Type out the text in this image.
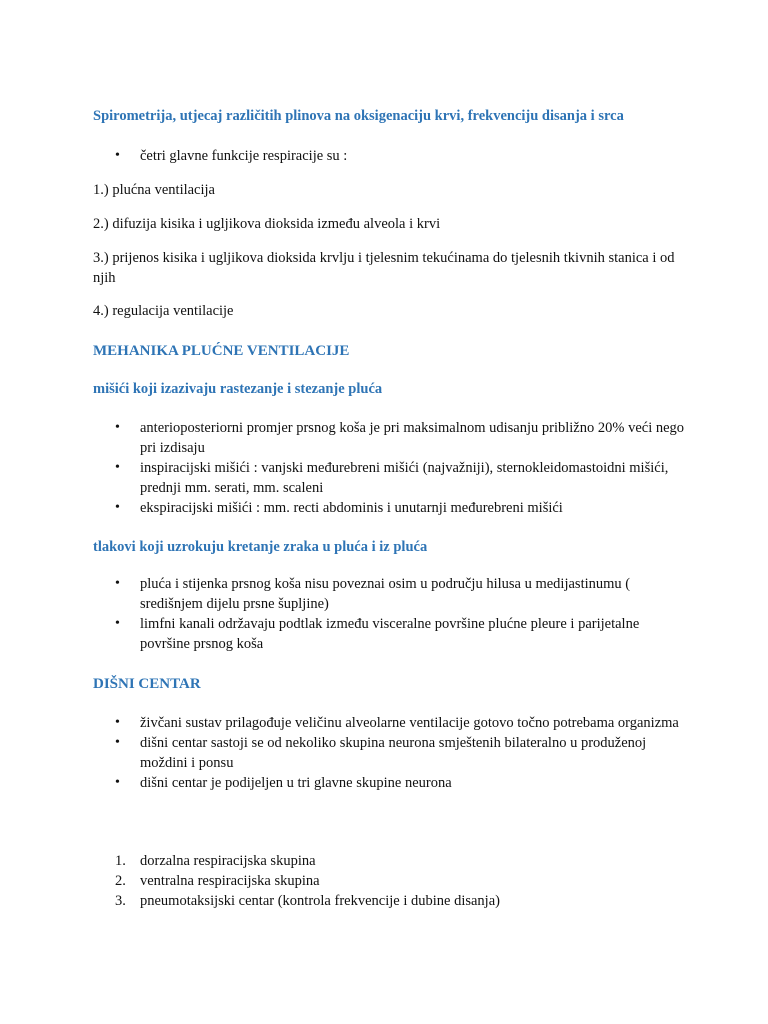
Spirometrija, utjecaj različitih plinova na oksigenaciju krvi, frekvenciju disanja i srca

• četri glavne funkcije respiracije su :

1.) plućna ventilacija

2.) difuzija kisika i ugljikova dioksida između alveola i krvi

3.) prijenos kisika i ugljikova dioksida krvlju i tjelesnim tekućinama do tjelesnih tkivnih stanica i od njih

4.) regulacija ventilacije

MEHANIKA PLUĆNE VENTILACIJE

mišići koji izazivaju rastezanje i stezanje pluća

• anterioposteriorni promjer prsnog koša je pri maksimalnom udisanju približno 20% veći nego pri izdisaju
• inspiracijski mišići : vanjski međurebreni mišići (najvažniji), sternokleidomastoidni mišići, prednji mm. serati, mm. scaleni
• ekspiracijski mišići : mm. recti abdominis i unutarnji međurebreni mišići

tlakovi koji uzrokuju kretanje zraka u pluća i iz pluća

• pluća i stijenka prsnog koša nisu poveznai osim u području hilusa u medijastinumu ( središnjem dijelu prsne šupljine)
• limfni kanali održavaju podtlak između visceralne površine plućne pleure i parijetalne površine prsnog koša

DIŠNI CENTAR

• živčani sustav prilagođuje veličinu alveolarne ventilacije gotovo točno potrebama organizma
• dišni centar sastoji se od nekoliko skupina neurona smještenih bilateralno u produženoj moždini i ponsu
• dišni centar je podijeljen u tri glavne skupine neurona
1. dorzalna respiracijska skupina
2. ventralna respiracijska skupina
3. pneumotaksijski centar (kontrola frekvencije i dubine disanja)
